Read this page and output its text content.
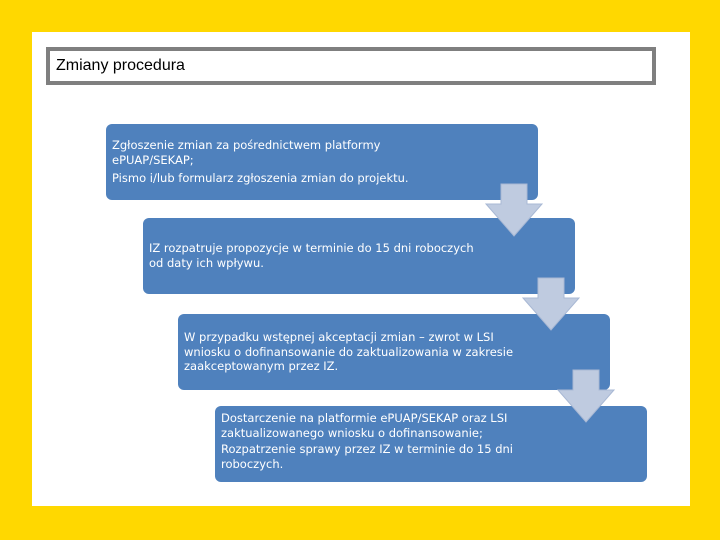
Zmiany procedura

Zgłoszenie zmian za pośrednictwem platformy ePUAP/SEKAP;

Pismo i/lub formularz zgłoszenia zmian do projektu.

IZ rozpatruje propozycje w terminie do 15 dni roboczych od daty ich wpływu.

W przypadku wstępnej akceptacji zmian – zwrot w LSI wniosku o dofinansowanie do zaktualizowania w zakresie zaakceptowanym przez IZ.

Dostarczenie na platformie ePUAP/SEKAP oraz LSI zaktualizowanego wniosku o dofinansowanie;

Rozpatrzenie sprawy przez IZ w terminie do 15 dni roboczych.
